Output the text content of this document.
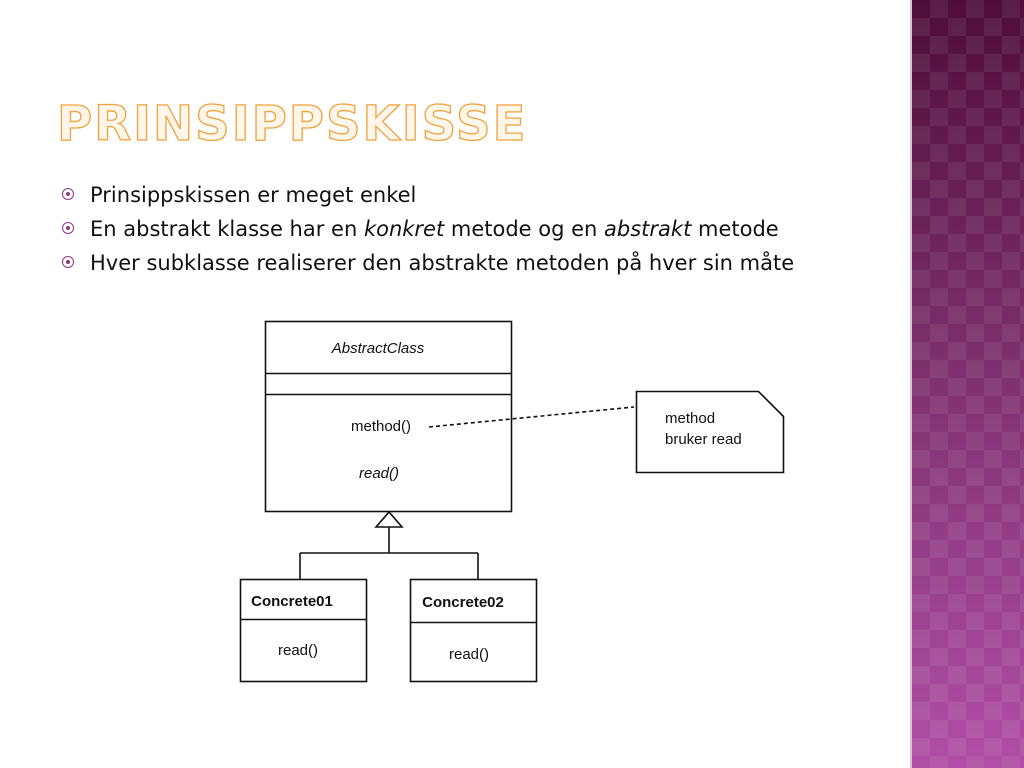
PRINSIPPSKISSE
Prinsippskissen er meget enkel
En abstrakt klasse har en konkret metode og en abstrakt metode
Hver subklasse realiserer den abstrakte metoden på hver sin måte
AbstractClass
method()
read()
method
bruker read
Concrete01
read()
Concrete02
read()
